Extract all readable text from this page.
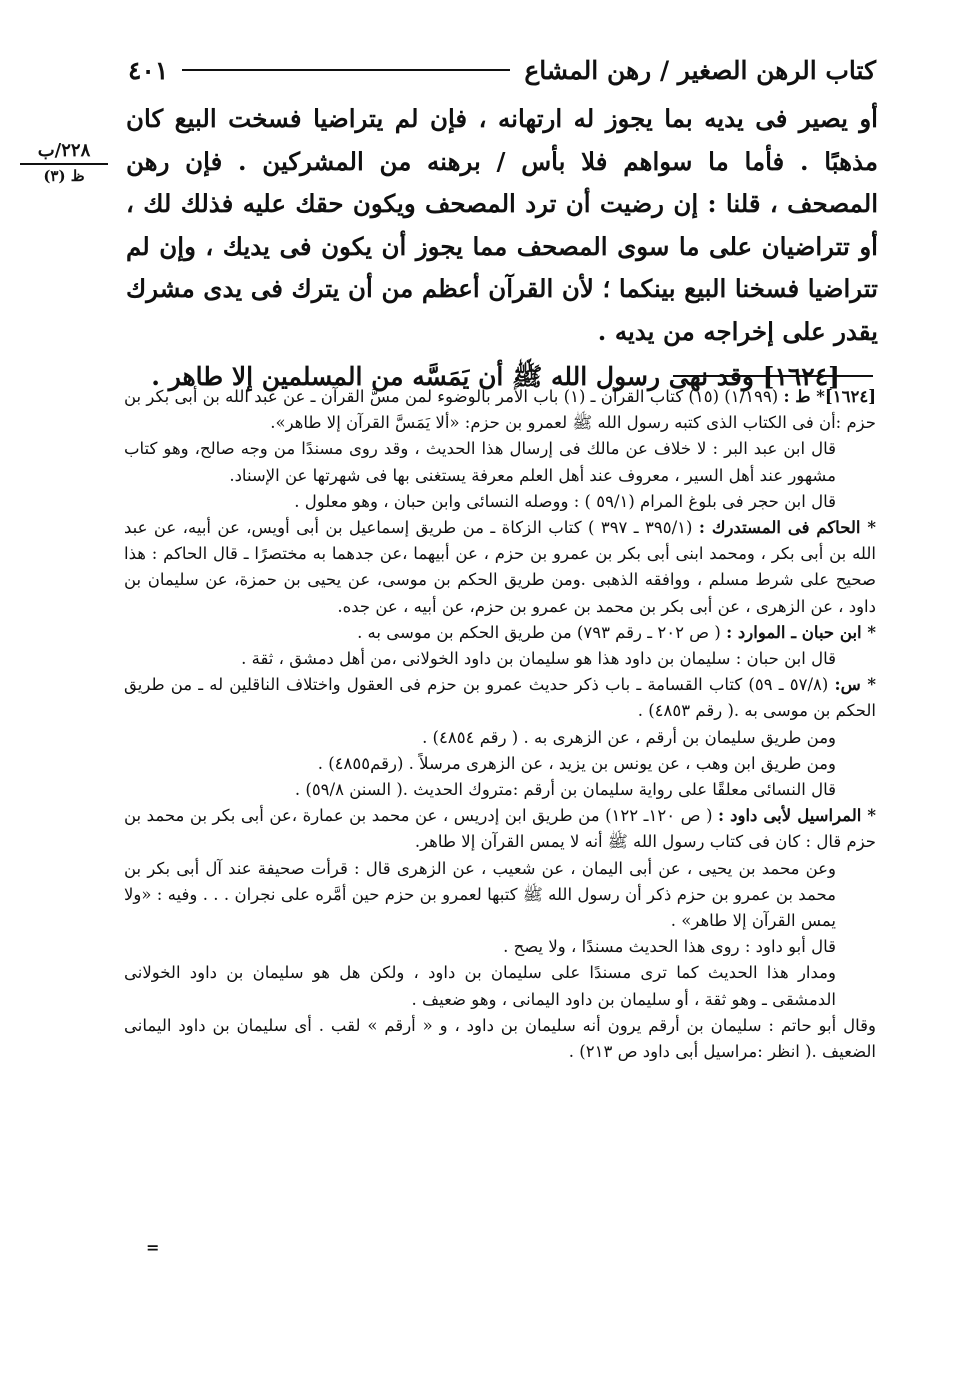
كتاب الرهن الصغير / رهن المشاع
٤٠١
٢٢٨/ب
ظ (٣)

أو يصير فى يديه بما يجوز له ارتهانه ، فإن لم يتراضيا فسخت البيع كان مذهبًا . فأما ما سواهم فلا بأس / برهنه من المشركين . فإن رهن المصحف ، قلنا : إن رضيت أن ترد المصحف ويكون حقك عليه فذلك لك ، أو تتراضيان على ما سوى المصحف مما يجوز أن يكون فى يديك ، وإن لم تتراضيا فسخنا البيع بينكما ؛ لأن القرآن أعظم من أن يترك فى يدى مشرك يقدر على إخراجه من يديه .

[١٦٢٤] وقد نهى رسول الله ﷺ أن يَمَسَّه من المسلمين إلا طاهر .

[١٦٢٤]* ط : (١/١٩٩) (١٥) كتاب القرآن ـ (١) باب الأمر بالوضوء لمن مسَّ القرآن ـ عن عبد الله بن أبى بكر بن حزم :أن فى الكتاب الذى كتبه رسول الله ﷺ لعمرو بن حزم: «ألا يَمَسَّ القرآن إلا طاهر».

قال ابن عبد البر : لا خلاف عن مالك فى إرسال هذا الحديث ، وقد روى مسندًا من وجه صالح، وهو كتاب مشهور عند أهل السير ، معروف عند أهل العلم معرفة يستغنى بها فى شهرتها عن الإسناد.

قال ابن حجر فى بلوغ المرام (٥٩/١ ) : ووصله النسائى وابن حبان ، وهو معلول .

* الحاكم فى المستدرك : (٣٩٥/١ ـ ٣٩٧ ) كتاب الزكاة ـ من طريق إسماعيل بن أبى أويس، عن أبيه، عن عبد الله بن أبى بكر ، ومحمد ابنى أبى بكر بن عمرو بن حزم ، عن أبيهما ،عن جدهما به مختصرًا ـ قال الحاكم : هذا صحيح على شرط مسلم ، ووافقه الذهبى .ومن طريق الحكم بن موسى، عن يحيى بن حمزة، عن سليمان بن داود ، عن الزهرى ، عن أبى بكر بن محمد بن عمرو بن حزم، عن أبيه ، عن جده.

* ابن حبان ـ الموارد : ( ص ٢٠٢ ـ رقم ٧٩٣) من طريق الحكم بن موسى به .

قال ابن حبان : سليمان بن داود هذا هو سليمان بن داود الخولانى ،من أهل دمشق ، ثقة .

* س: (٥٧/٨ ـ ٥٩) كتاب القسامة ـ باب ذكر حديث عمرو بن حزم فى العقول واختلاف الناقلين له ـ من طريق الحكم بن موسى به .( رقم ٤٨٥٣) .

ومن طريق سليمان بن أرقم ، عن الزهرى به . ( رقم ٤٨٥٤) .

ومن طريق ابن وهب ، عن يونس بن يزيد ، عن الزهرى مرسلاً . (رقم٤٨٥٥) .

قال النسائى معلقًا على رواية سليمان بن أرقم :متروك الحديث .( السنن ٥٩/٨) .

* المراسيل لأبى داود : ( ص ١٢٠ـ ١٢٢) من طريق ابن إدريس ، عن محمد بن عمارة ،عن أبى بكر بن محمد بن حزم قال : كان فى كتاب رسول الله ﷺ أنه لا يمس القرآن إلا طاهر.

وعن محمد بن يحيى ، عن أبى اليمان ، عن شعيب ، عن الزهرى قال : قرأت صحيفة عند آل أبى بكر بن محمد بن عمرو بن حزم ذكر أن رسول الله ﷺ كتبها لعمرو بن حزم حين أمَّره على نجران . . . وفيه : «ولا يمس القرآن إلا طاهر» .

قال أبو داود : روى هذا الحديث مسندًا ، ولا يصح .

ومدار هذا الحديث كما ترى مسندًا على سليمان بن داود ، ولكن هل هو سليمان بن داود الخولانى الدمشقى ـ وهو ثقة ، أو سليمان بن داود اليمانى ، وهو ضعيف .

وقال أبو حاتم : سليمان بن أرقم يرون أنه سليمان بن داود ، و « أرقم » لقب . أى سليمان بن داود اليمانى الضعيف .( انظر :مراسيل أبى داود ص ٢١٣) .

=
